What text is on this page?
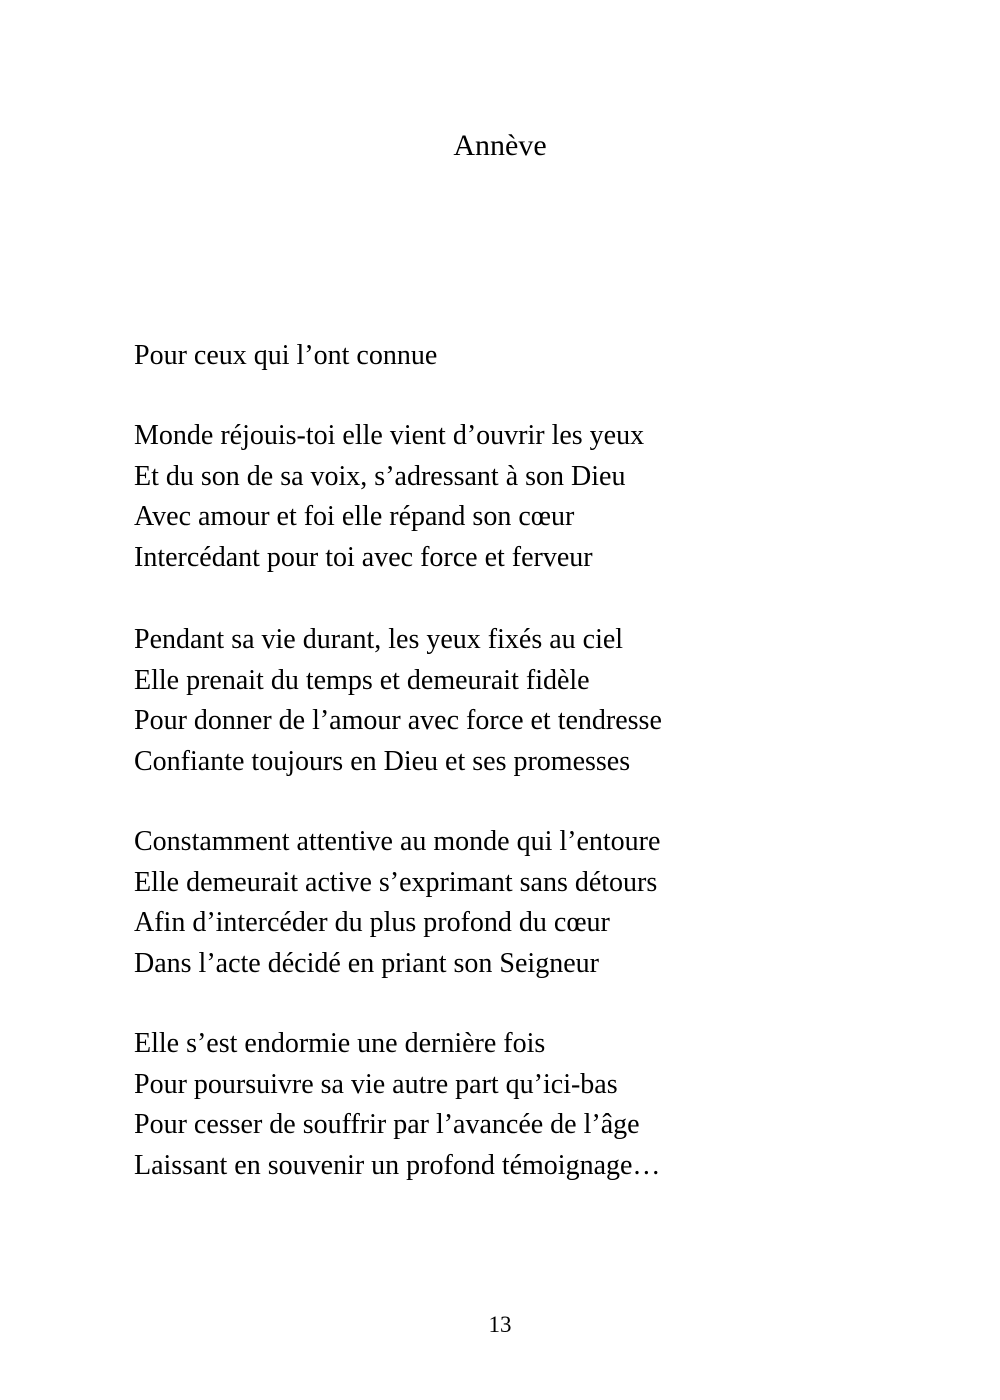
Annève

Pour ceux qui l’ont connue

Monde réjouis-toi elle vient d’ouvrir les yeux
Et du son de sa voix, s’adressant à son Dieu
Avec amour et foi elle répand son cœur
Intercédant pour toi avec force et ferveur
Pendant sa vie durant, les yeux fixés au ciel
Elle prenait du temps et demeurait fidèle
Pour donner de l’amour avec force et tendresse
Confiante toujours en Dieu et ses promesses
Constamment attentive au monde qui l’entoure
Elle demeurait active s’exprimant sans détours
Afin d’intercéder du plus profond du cœur
Dans l’acte décidé en priant son Seigneur
Elle s’est endormie une dernière fois
Pour poursuivre sa vie autre part qu’ici-bas
Pour cesser de souffrir par l’avancée de l’âge
Laissant en souvenir un profond témoignage…

13
